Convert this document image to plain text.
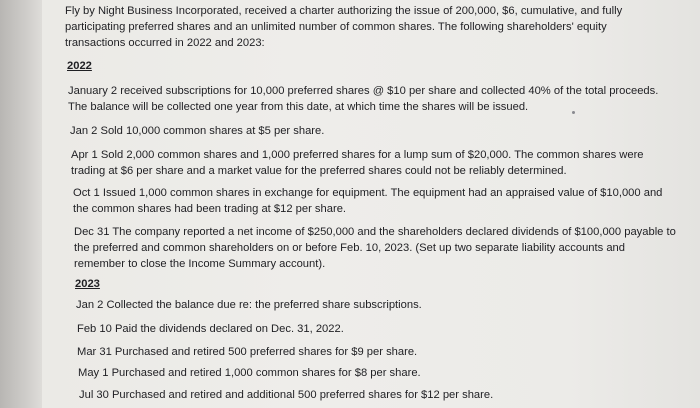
Fly by Night Business Incorporated, received a charter authorizing the issue of 200,000, $6, cumulative, and fully

participating preferred shares and an unlimited number of common shares. The following shareholders' equity

transactions occurred in 2022 and 2023:

2022

January 2 received subscriptions for 10,000 preferred shares @ $10 per share and collected 40% of the total proceeds.

The balance will be collected one year from this date, at which time the shares will be issued.

Jan 2 Sold 10,000 common shares at $5 per share.

Apr 1 Sold 2,000 common shares and 1,000 preferred shares for a lump sum of $20,000. The common shares were

trading at $6 per share and a market value for the preferred shares could not be reliably determined.

Oct 1 Issued 1,000 common shares in exchange for equipment. The equipment had an appraised value of $10,000 and

the common shares had been trading at $12 per share.

Dec 31 The company reported a net income of $250,000 and the shareholders declared dividends of $100,000 payable to

the preferred and common shareholders on or before Feb. 10, 2023. (Set up two separate liability accounts and

remember to close the Income Summary account).

2023

Jan 2 Collected the balance due re: the preferred share subscriptions.

Feb 10 Paid the dividends declared on Dec. 31, 2022.

Mar 31 Purchased and retired 500 preferred shares for $9 per share.

May 1 Purchased and retired 1,000 common shares for $8 per share.

Jul 30 Purchased and retired and additional 500 preferred shares for $12 per share.
